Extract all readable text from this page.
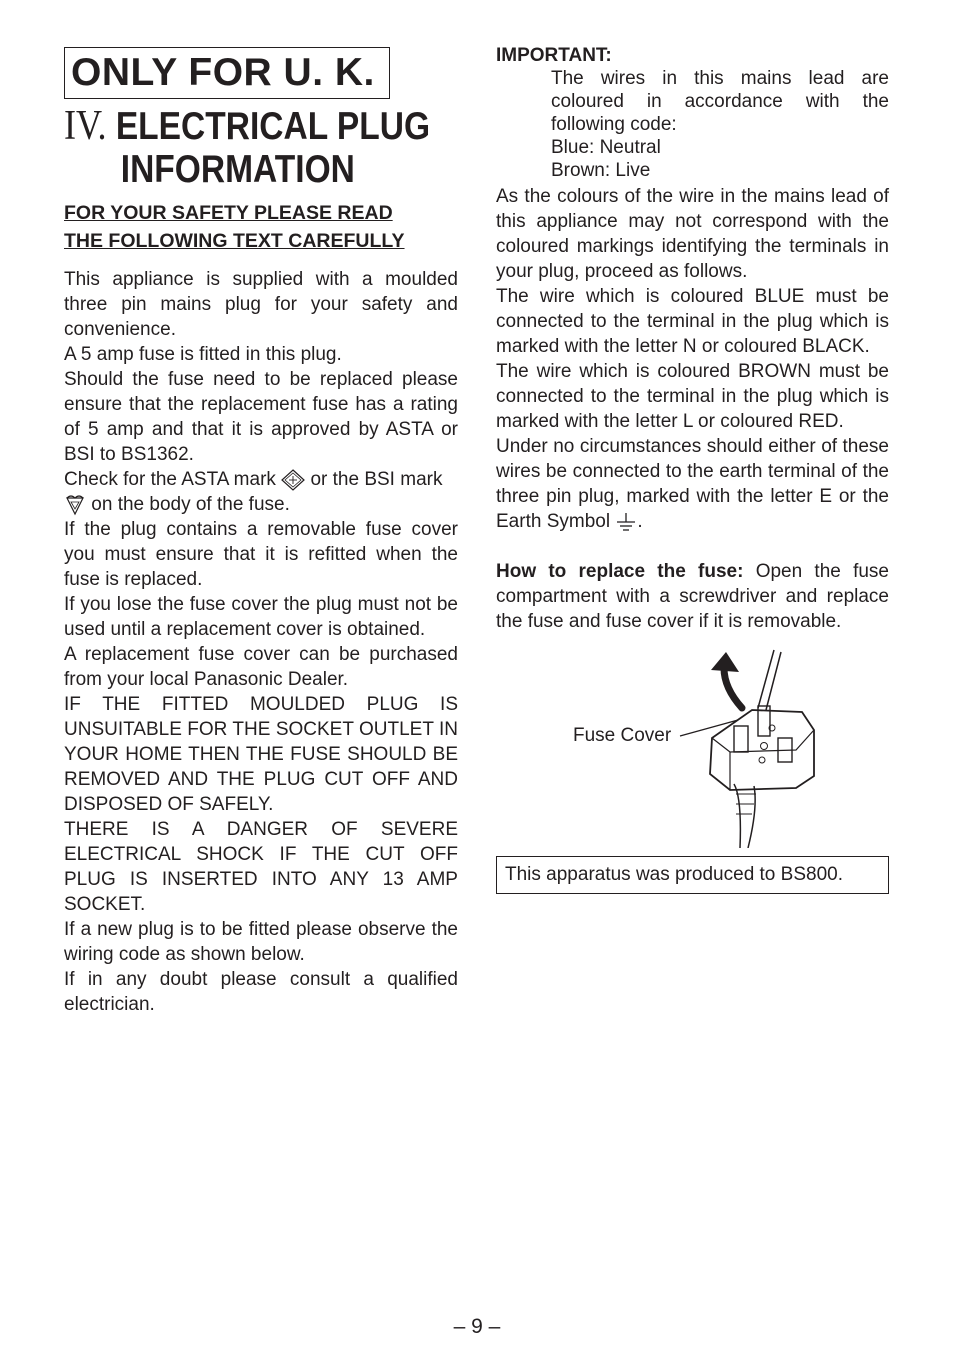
ONLY FOR U. K.
IV. ELECTRICAL PLUG
INFORMATION
FOR YOUR SAFETY PLEASE READ
THE FOLLOWING TEXT CAREFULLY

This appliance is supplied with a moulded three pin mains plug for your safety and convenience.

A 5 amp fuse is fitted in this plug.

Should the fuse need to be replaced please ensure that the replacement fuse has a rating of 5 amp and that it is approved by ASTA or BSI to BS1362.

Check for the ASTA mark or the BSI mark
on the body of the fuse.

If the plug contains a removable fuse cover you must ensure that it is refitted when the fuse is replaced.

If you lose the fuse cover the plug must not be used until a replacement cover is obtained.

A replacement fuse cover can be purchased from your local Panasonic Dealer.

IF THE FITTED MOULDED PLUG IS UNSUITABLE FOR THE SOCKET OUTLET IN YOUR HOME THEN THE FUSE SHOULD BE REMOVED AND THE PLUG CUT OFF AND DISPOSED OF SAFELY.

THERE IS A DANGER OF SEVERE ELECTRICAL SHOCK IF THE CUT OFF PLUG IS INSERTED INTO ANY 13 AMP SOCKET.

If a new plug is to be fitted please observe the wiring code as shown below.

If in any doubt please consult a qualified electrician.

IMPORTANT:

The wires in this mains lead are coloured in accordance with the following code:

Blue: Neutral

Brown: Live

As the colours of the wire in the mains lead of this appliance may not correspond with the coloured markings identifying the terminals in your plug, proceed as follows.

The wire which is coloured BLUE must be connected to the terminal in the plug which is marked with the letter N or coloured BLACK.

The wire which is coloured BROWN must be connected to the terminal in the plug which is marked with the letter L or coloured RED.

Under no circumstances should either of these wires be connected to the earth terminal of the three pin plug, marked with the letter E or the Earth Symbol .

How to replace the fuse: Open the fuse compartment with a screwdriver and replace the fuse and fuse cover if it is removable.

Fuse Cover
This apparatus was produced to BS800.
– 9 –
